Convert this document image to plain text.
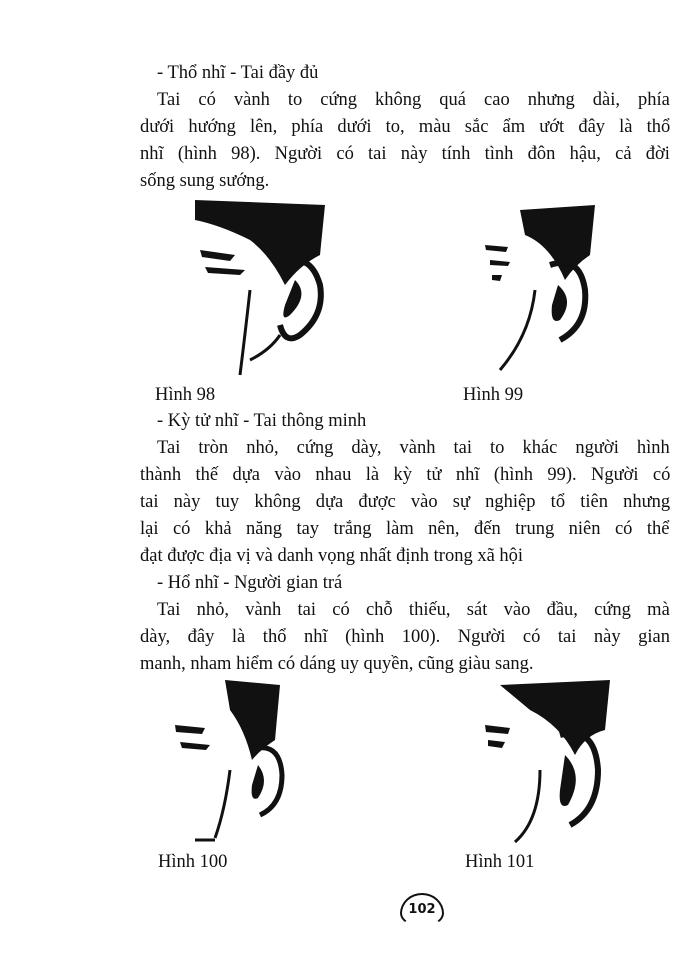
- Thổ nhĩ - Tai đầy đủ
Tai có vành to cứng không quá cao nhưng dài, phía
dưới hướng lên, phía dưới to, màu sắc ẩm ướt đây là thổ
nhĩ (hình 98). Người có tai này tính tình đôn hậu, cả đời
sống sung sướng.
Hình 98	Hình 99
- Kỳ tử nhĩ - Tai thông minh
Tai tròn nhỏ, cứng dày, vành tai to khác người hình
thành thế dựa vào nhau là kỳ tử nhĩ (hình 99). Người có
tai này tuy không dựa được vào sự nghiệp tổ tiên nhưng
lại có khả năng tay trắng làm nên, đến trung niên có thể
đạt được địa vị và danh vọng nhất định trong xã hội
- Hổ nhĩ - Người gian trá
Tai nhỏ, vành tai có chỗ thiếu, sát vào đầu, cứng mà
dày, đây là thổ nhĩ (hình 100). Người có tai này gian
manh, nham hiểm có dáng uy quyền, cũng giàu sang.
Hình 100	Hình 101
102
